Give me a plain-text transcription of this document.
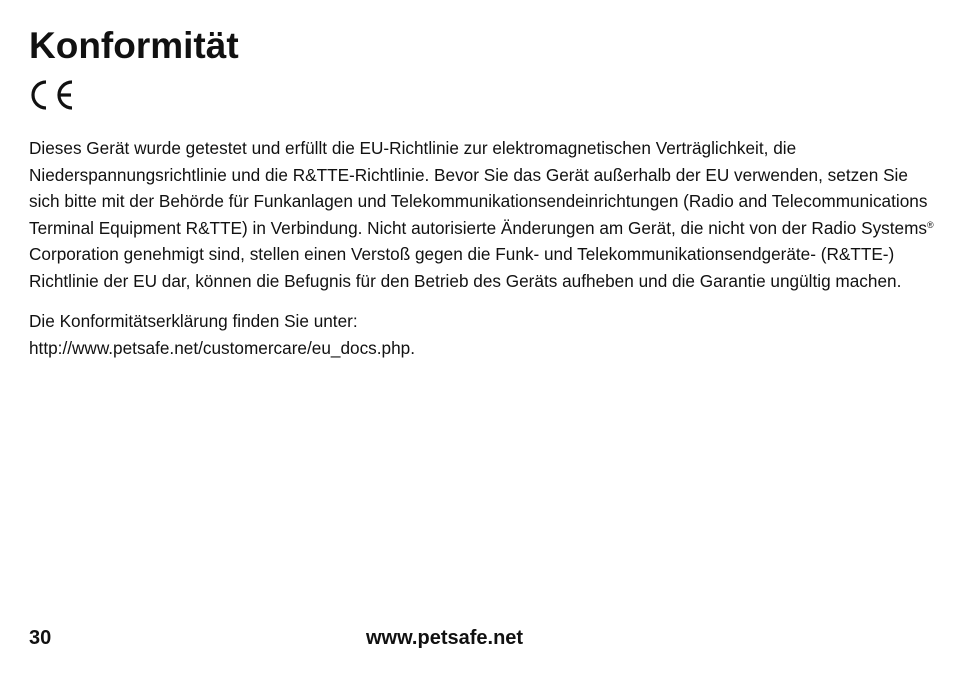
Konformität

Dieses Gerät wurde getestet und erfüllt die EU-Richtlinie zur elektromagnetischen Verträglichkeit, die Niederspannungsrichtlinie und die R&TTE-Richtlinie. Bevor Sie das Gerät außerhalb der EU verwenden, setzen Sie sich bitte mit der Behörde für Funkanlagen und Telekommunikationsendeinrichtungen (Radio and Telecommunications Terminal Equipment R&TTE) in Verbindung. Nicht autorisierte Änderungen am Gerät, die nicht von der Radio Systems® Corporation genehmigt sind, stellen einen Verstoß gegen die Funk- und Telekommunikationsendgeräte- (R&TTE-) Richtlinie der EU dar, können die Befugnis für den Betrieb des Geräts aufheben und die Garantie ungültig machen.

Die Konformitätserklärung finden Sie unter:
http://www.petsafe.net/customercare/eu_docs.php.

30	www.petsafe.net
